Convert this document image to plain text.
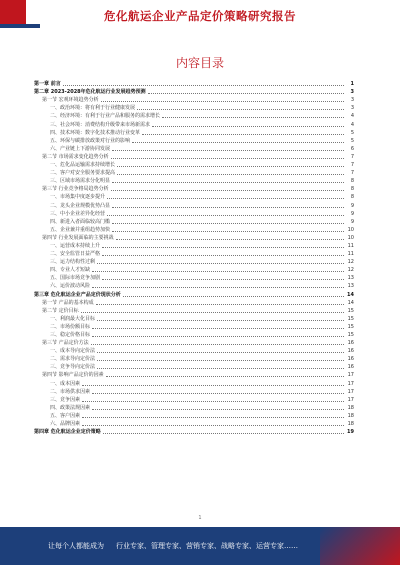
危化航运企业产品定价策略研究报告
内容目录
第一章 前言	1
第二章 2023-2028年危化航运行业发展趋势预测	3
第一节 宏观环境趋势分析	3
一、政治环境：将有利于行业健康发展	3
二、经济环境：有利于行业产品和服务的需求增长	4
三、社会环境：消费结构升级带来市场新需求	4
四、技术环境：数字化技术推动行业变革	5
五、环保与碳排放政策对行业的影响	5
六、产业链上下游协同发展	6
第二节 市场需求变化趋势分析	7
一、危化品运输需求持续增长	7
二、客户对安全服务要求提高	7
三、区域市场需求分化明显	8
第三节 行业竞争格局趋势分析	8
一、市场集中度逐步提升	8
二、龙头企业规模优势凸显	9
三、中小企业差异化经营	9
四、新进入者面临较高门槛	9
五、企业兼并重组趋势加快	10
第四节 行业发展面临的主要挑战	10
一、运营成本持续上升	11
二、安全监管日益严格	11
三、运力结构性过剩	12
四、专业人才短缺	12
五、国际市场竞争加剧	13
六、运价波动风险	13
第三章 危化航运企业产品定价现状分析	14
第一节 产品的基本构成	14
第二节 定价目标	15
一、利润最大化目标	15
二、市场份额目标	15
三、稳定价格目标	15
第三节 产品定价方法	16
一、成本导向定价法	16
二、需求导向定价法	16
三、竞争导向定价法	16
第四节 影响产品定价的因素	17
一、成本因素	17
二、市场供求因素	17
三、竞争因素	17
四、政策法规因素	18
五、客户因素	18
六、品牌因素	18
第四章 危化航运企业定价策略	19
1
让每个人都能成为 行业专家、管理专家、营销专家、战略专家、运营专家……
